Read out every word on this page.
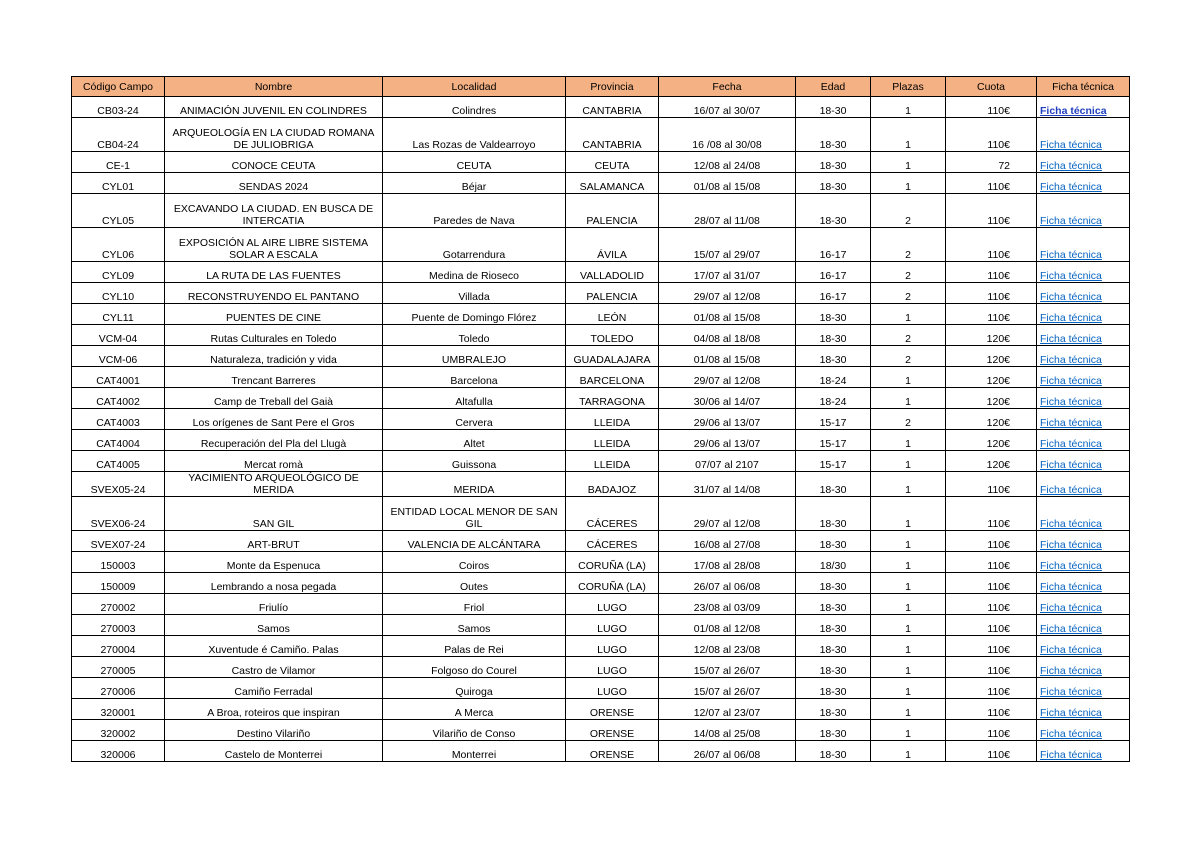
Código Campo	Nombre	Localidad	Provincia	Fecha	Edad	Plazas	Cuota	Ficha técnica
CB03-24	ANIMACIÓN JUVENIL EN COLINDRES	Colindres	CANTABRIA	16/07 al 30/07	18-30	1	110€	Ficha técnica
CB04-24	ARQUEOLOGÍA EN LA CIUDAD ROMANA DE JULIOBRIGA	Las Rozas de Valdearroyo	CANTABRIA	16 /08 al 30/08	18-30	1	110€	Ficha técnica
CE-1	CONOCE CEUTA	CEUTA	CEUTA	12/08 al 24/08	18-30	1	72	Ficha técnica
CYL01	SENDAS 2024	Béjar	SALAMANCA	01/08 al 15/08	18-30	1	110€	Ficha técnica
CYL05	EXCAVANDO LA CIUDAD. EN BUSCA DE INTERCATIA	Paredes de Nava	PALENCIA	28/07 al 11/08	18-30	2	110€	Ficha técnica
CYL06	EXPOSICIÓN AL AIRE LIBRE SISTEMA SOLAR A ESCALA	Gotarrendura	ÁVILA	15/07 al 29/07	16-17	2	110€	Ficha técnica
CYL09	LA RUTA DE LAS FUENTES	Medina de Rioseco	VALLADOLID	17/07 al 31/07	16-17	2	110€	Ficha técnica
CYL10	RECONSTRUYENDO EL PANTANO	Villada	PALENCIA	29/07 al 12/08	16-17	2	110€	Ficha técnica
CYL11	PUENTES DE CINE	Puente de Domingo Flórez	LEÓN	01/08 al 15/08	18-30	1	110€	Ficha técnica
VCM-04	Rutas Culturales en Toledo	Toledo	TOLEDO	04/08 al 18/08	18-30	2	120€	Ficha técnica
VCM-06	Naturaleza, tradición y vida	UMBRALEJO	GUADALAJARA	01/08 al 15/08	18-30	2	120€	Ficha técnica
CAT4001	Trencant Barreres	Barcelona	BARCELONA	29/07 al 12/08	18-24	1	120€	Ficha técnica
CAT4002	Camp de Treball del Gaià	Altafulla	TARRAGONA	30/06 al 14/07	18-24	1	120€	Ficha técnica
CAT4003	Los orígenes de Sant Pere el Gros	Cervera	LLEIDA	29/06 al 13/07	15-17	2	120€	Ficha técnica
CAT4004	Recuperación del Pla del Llugà	Altet	LLEIDA	29/06 al 13/07	15-17	1	120€	Ficha técnica
CAT4005	Mercat romà	Guissona	LLEIDA	07/07 al 2107	15-17	1	120€	Ficha técnica
SVEX05-24	YACIMIENTO ARQUEOLÓGICO DE MERIDA	MERIDA	BADAJOZ	31/07 al 14/08	18-30	1	110€	Ficha técnica
SVEX06-24	SAN GIL	ENTIDAD LOCAL MENOR DE SAN GIL	CÁCERES	29/07 al 12/08	18-30	1	110€	Ficha técnica
SVEX07-24	ART-BRUT	VALENCIA DE ALCÁNTARA	CÁCERES	16/08 al 27/08	18-30	1	110€	Ficha técnica
150003	Monte da Espenuca	Coiros	CORUÑA (LA)	17/08 al 28/08	18/30	1	110€	Ficha técnica
150009	Lembrando a nosa pegada	Outes	CORUÑA (LA)	26/07 al 06/08	18-30	1	110€	Ficha técnica
270002	Friulío	Friol	LUGO	23/08 al 03/09	18-30	1	110€	Ficha técnica
270003	Samos	Samos	LUGO	01/08 al 12/08	18-30	1	110€	Ficha técnica
270004	Xuventude é Camiño. Palas	Palas de Rei	LUGO	12/08 al 23/08	18-30	1	110€	Ficha técnica
270005	Castro de Vilamor	Folgoso do Courel	LUGO	15/07 al 26/07	18-30	1	110€	Ficha técnica
270006	Camiño Ferradal	Quiroga	LUGO	15/07 al 26/07	18-30	1	110€	Ficha técnica
320001	A Broa, roteiros que inspiran	A Merca	ORENSE	12/07 al 23/07	18-30	1	110€	Ficha técnica
320002	Destino Vilariño	Vilariño de Conso	ORENSE	14/08 al 25/08	18-30	1	110€	Ficha técnica
320006	Castelo de Monterrei	Monterrei	ORENSE	26/07 al 06/08	18-30	1	110€	Ficha técnica
